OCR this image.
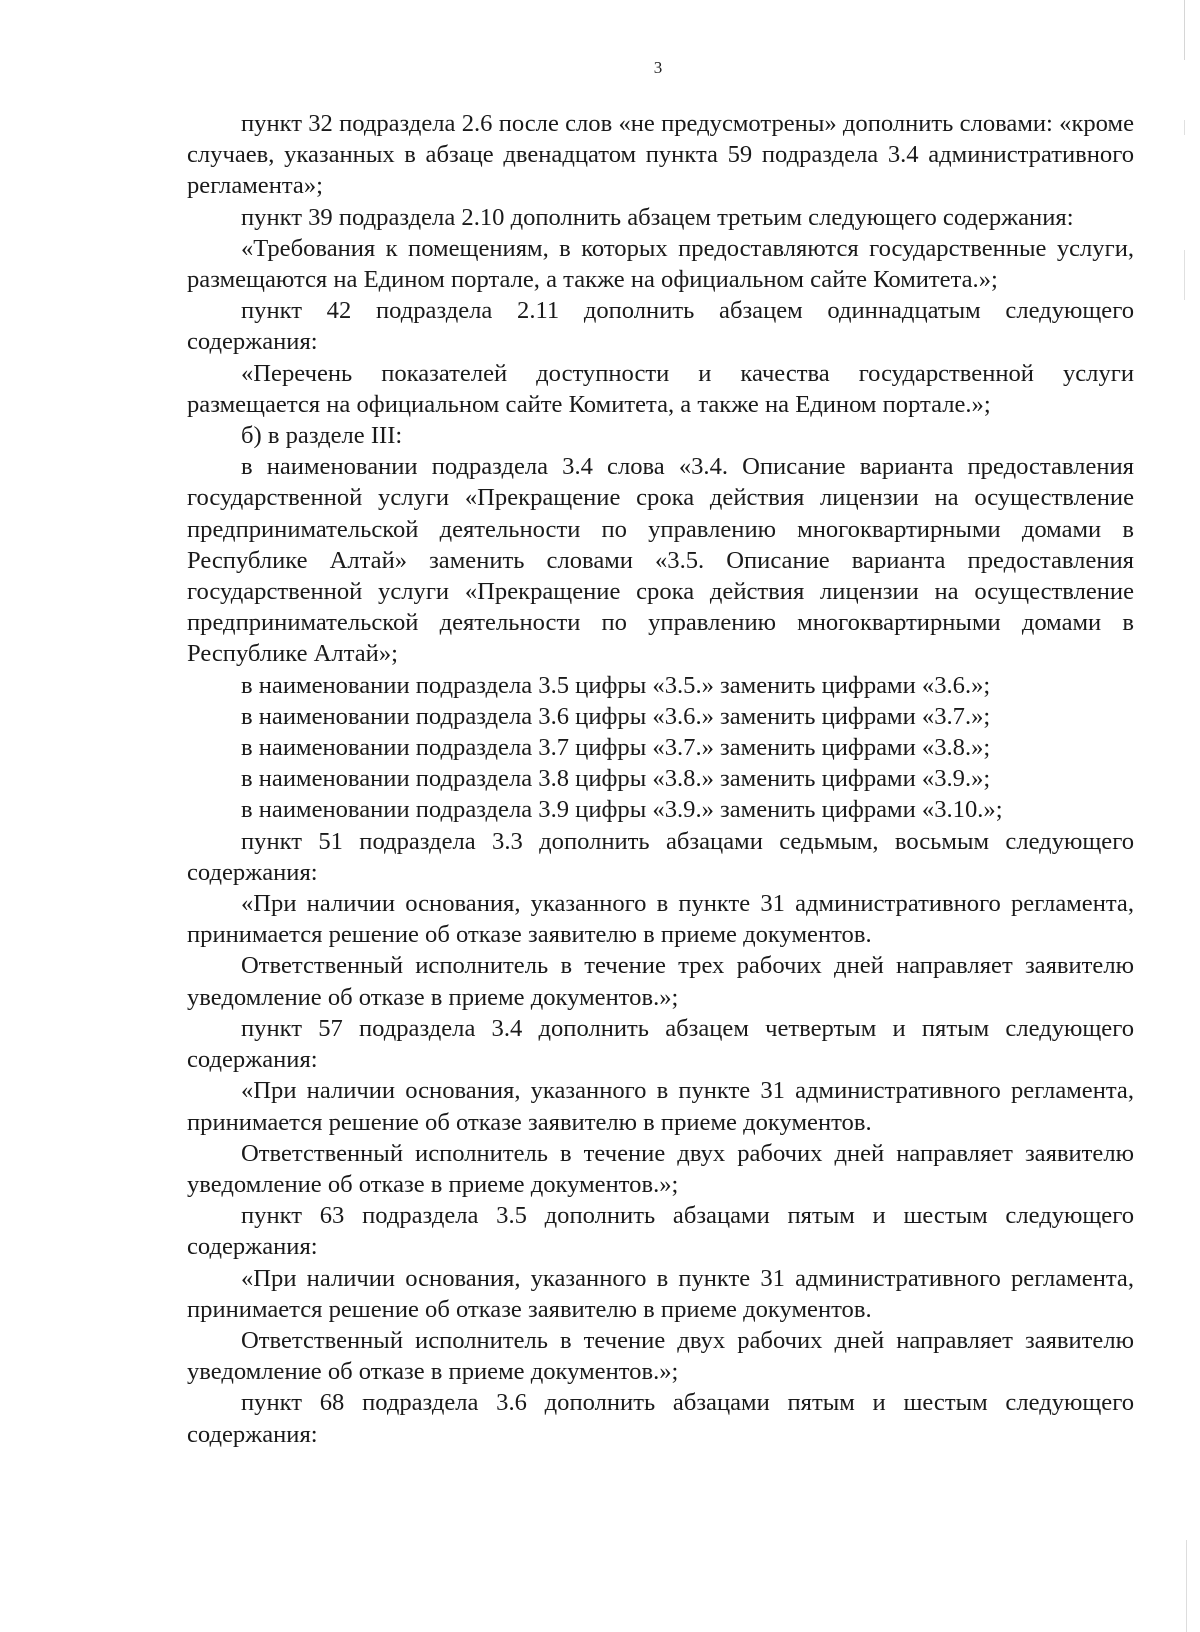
3

пункт 32 подраздела 2.6 после слов «не предусмотрены» дополнить словами: «кроме случаев, указанных в абзаце двенадцатом пункта 59 подраздела 3.4 административного регламента»;

пункт 39 подраздела 2.10 дополнить абзацем третьим следующего содержания:

«Требования к помещениям, в которых предоставляются государственные услуги, размещаются на Едином портале, а также на официальном сайте Комитета.»;

пункт 42 подраздела 2.11 дополнить абзацем одиннадцатым следующего содержания:

«Перечень показателей доступности и качества государственной услуги размещается на официальном сайте Комитета, а также на Едином портале.»;

б) в разделе III:

в наименовании подраздела 3.4 слова «3.4. Описание варианта предоставления государственной услуги «Прекращение срока действия лицензии на осуществление предпринимательской деятельности по управлению многоквартирными домами в Республике Алтай» заменить словами «3.5. Описание варианта предоставления государственной услуги «Прекращение срока действия лицензии на осуществление предпринимательской деятельности по управлению многоквартирными домами в Республике Алтай»;

в наименовании подраздела 3.5 цифры «3.5.» заменить цифрами «3.6.»;

в наименовании подраздела 3.6 цифры «3.6.» заменить цифрами «3.7.»;

в наименовании подраздела 3.7 цифры «3.7.» заменить цифрами «3.8.»;

в наименовании подраздела 3.8 цифры «3.8.» заменить цифрами «3.9.»;

в наименовании подраздела 3.9 цифры «3.9.» заменить цифрами «3.10.»;

пункт 51 подраздела 3.3 дополнить абзацами седьмым, восьмым следующего содержания:

«При наличии основания, указанного в пункте 31 административного регламента, принимается решение об отказе заявителю в приеме документов.

Ответственный исполнитель в течение трех рабочих дней направляет заявителю уведомление об отказе в приеме документов.»;

пункт 57 подраздела 3.4 дополнить абзацем четвертым и пятым следующего содержания:

«При наличии основания, указанного в пункте 31 административного регламента, принимается решение об отказе заявителю в приеме документов.

Ответственный исполнитель в течение двух рабочих дней направляет заявителю уведомление об отказе в приеме документов.»;

пункт 63 подраздела 3.5 дополнить абзацами пятым и шестым следующего содержания:

«При наличии основания, указанного в пункте 31 административного регламента, принимается решение об отказе заявителю в приеме документов.

Ответственный исполнитель в течение двух рабочих дней направляет заявителю уведомление об отказе в приеме документов.»;

пункт 68 подраздела 3.6 дополнить абзацами пятым и шестым следующего содержания:
